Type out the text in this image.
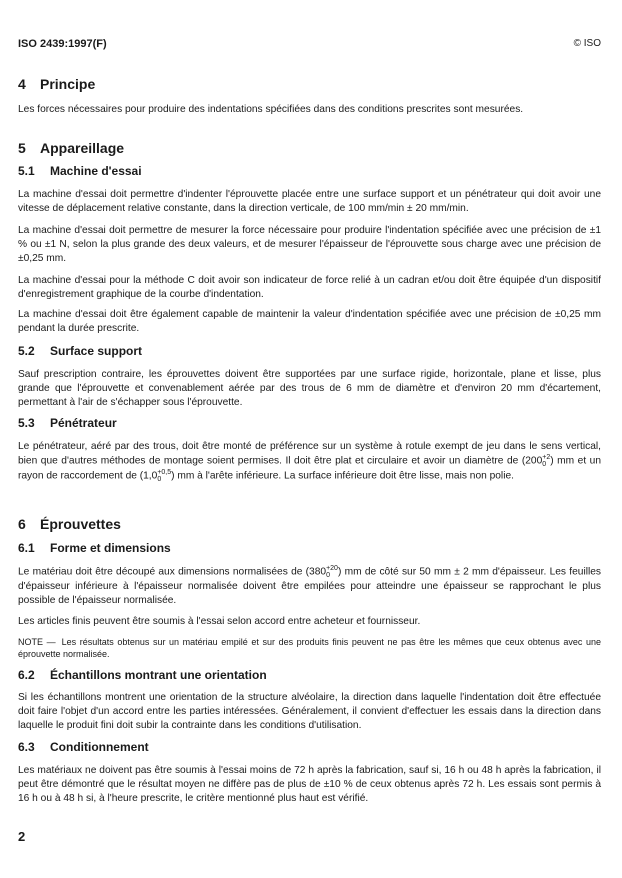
ISO 2439:1997(F)	© ISO
4 Principe

Les forces nécessaires pour produire des indentations spécifiées dans des conditions prescrites sont mesurées.

5 Appareillage
5.1 Machine d'essai

La machine d'essai doit permettre d'indenter l'éprouvette placée entre une surface support et un pénétrateur qui doit avoir une vitesse de déplacement relative constante, dans la direction verticale, de 100 mm/min ± 20 mm/min.

La machine d'essai doit permettre de mesurer la force nécessaire pour produire l'indentation spécifiée avec une précision de ±1 % ou ±1 N, selon la plus grande des deux valeurs, et de mesurer l'épaisseur de l'éprouvette sous charge avec une précision de ±0,25 mm.

La machine d'essai pour la méthode C doit avoir son indicateur de force relié à un cadran et/ou doit être équipée d'un dispositif d'enregistrement graphique de la courbe d'indentation.

La machine d'essai doit être également capable de maintenir la valeur d'indentation spécifiée avec une précision de ±0,25 mm pendant la durée prescrite.

5.2 Surface support

Sauf prescription contraire, les éprouvettes doivent être supportées par une surface rigide, horizontale, plane et lisse, plus grande que l'éprouvette et convenablement aérée par des trous de 6 mm de diamètre et d'environ 20 mm d'écartement, permettant à l'air de s'échapper sous l'éprouvette.

5.3 Pénétrateur

Le pénétrateur, aéré par des trous, doit être monté de préférence sur un système à rotule exempt de jeu dans le sens vertical, bien que d'autres méthodes de montage soient permises. Il doit être plat et circulaire et avoir un diamètre de (200 +2
0 ) mm et un rayon de raccordement de (1,0 +0,5
0 ) mm à l'arête inférieure. La surface inférieure doit être lisse, mais non polie.

6 Éprouvettes
6.1 Forme et dimensions

Le matériau doit être découpé aux dimensions normalisées de (380 +20
0 ) mm de côté sur 50 mm ± 2 mm d'épaisseur. Les feuilles d'épaisseur inférieure à l'épaisseur normalisée doivent être empilées pour atteindre une épaisseur se rapprochant le plus possible de l'épaisseur normalisée.

Les articles finis peuvent être soumis à l'essai selon accord entre acheteur et fournisseur.

NOTE — Les résultats obtenus sur un matériau empilé et sur des produits finis peuvent ne pas être les mêmes que ceux obtenus avec une éprouvette normalisée.

6.2 Échantillons montrant une orientation

Si les échantillons montrent une orientation de la structure alvéolaire, la direction dans laquelle l'indentation doit être effectuée doit faire l'objet d'un accord entre les parties intéressées. Généralement, il convient d'effectuer les essais dans la direction dans laquelle le produit fini doit subir la contrainte dans les conditions d'utilisation.

6.3 Conditionnement

Les matériaux ne doivent pas être soumis à l'essai moins de 72 h après la fabrication, sauf si, 16 h ou 48 h après la fabrication, il peut être démontré que le résultat moyen ne diffère pas de plus de ±10 % de ceux obtenus après 72 h. Les essais sont permis à 16 h ou à 48 h si, à l'heure prescrite, le critère mentionné plus haut est vérifié.

2
